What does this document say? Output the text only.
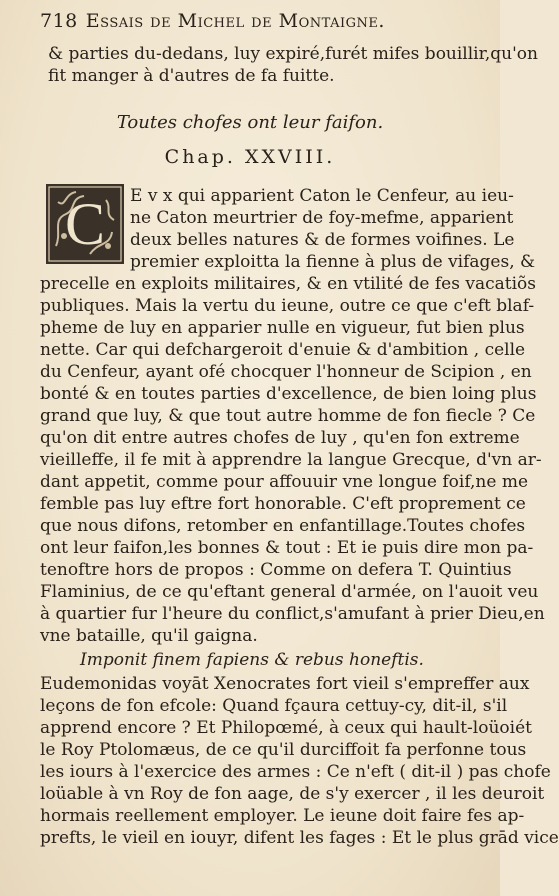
718 Essais de Michel de Montaigne.
& parties du-dedans, luy expiré,furét mifes bouillir,qu'on
fit manger à d'autres de fa fuitte.
Toutes chofes ont leur faifon.
Chap. XXVIII.
C E v x qui apparient Caton le Cenfeur, au ieu-
ne Caton meurtrier de foy-mefme, apparient
deux belles natures & de formes voifines. Le
premier exploitta la fienne à plus de vifages, &
precelle en exploits militaires, & en vtilité de fes vacatiõs
publiques. Mais la vertu du ieune, outre ce que c'eft blaf-
pheme de luy en apparier nulle en vigueur, fut bien plus
nette. Car qui defchargeroit d'enuie & d'ambition , celle
du Cenfeur, ayant ofé chocquer l'honneur de Scipion , en
bonté & en toutes parties d'excellence, de bien loing plus
grand que luy, & que tout autre homme de fon fiecle ? Ce
qu'on dit entre autres chofes de luy , qu'en fon extreme
vieilleffe, il fe mit à apprendre la langue Grecque, d'vn ar-
dant appetit, comme pour affouuir vne longue foif,ne me
femble pas luy eftre fort honorable. C'eft proprement ce
que nous difons, retomber en enfantillage.Toutes chofes
ont leur faifon,les bonnes & tout : Et ie puis dire mon pa-
tenoftre hors de propos : Comme on defera T. Quintius
Flaminius, de ce qu'eftant general d'armée, on l'auoit veu
à quartier fur l'heure du conflict,s'amufant à prier Dieu,en
vne bataille, qu'il gaigna.
Imponit finem fapiens & rebus honeftis.
Eudemonidas voyāt Xenocrates fort vieil s'empreffer aux
leçons de fon efcole: Quand fçaura cettuy-cy, dit-il, s'il
apprend encore ? Et Philopœmé, à ceux qui hault-loüoiét
le Roy Ptolomæus, de ce qu'il durciffoit fa perfonne tous
les iours à l'exercice des armes : Ce n'eft ( dit-il ) pas chofe
loüable à vn Roy de fon aage, de s'y exercer , il les deuroit
hormais reellement employer. Le ieune doit faire fes ap-
prefts, le vieil en iouyr, difent les fages : Et le plus grād vice
